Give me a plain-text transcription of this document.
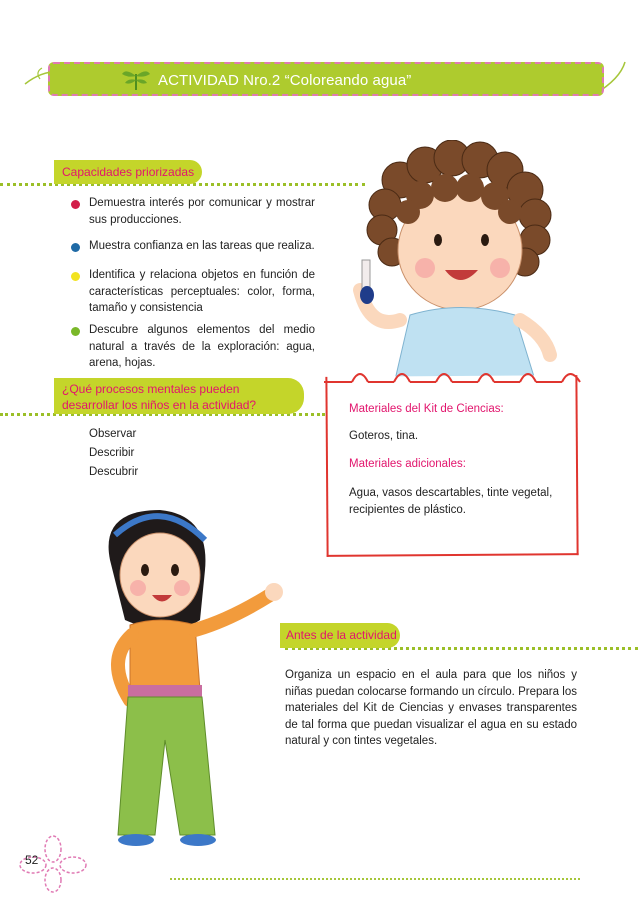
ACTIVIDAD Nro.2 “Coloreando agua”
Capacidades priorizadas
Demuestra interés por comunicar y mostrar sus producciones.
Muestra confianza en las tareas que realiza.
Identifica y relaciona objetos en función de características perceptuales: color, forma, tamaño y consistencia
Descubre algunos elementos del medio natural a través de la exploración: agua, arena, hojas.
¿Qué procesos mentales pueden desarrollar los niños en la actividad?
Observar
Describir
Descubrir
Materiales del Kit de Ciencias:
Goteros, tina.
Materiales adicionales:
Agua, vasos descartables, tinte vegetal, recipientes de plástico.
Antes de la actividad
Organiza un espacio en el aula para que los niños y niñas puedan colocarse formando un círculo. Prepara los materiales del Kit de Ciencias y envases transparentes de tal forma que puedan visualizar el agua en su estado natural y con tintes vegetales.
52
